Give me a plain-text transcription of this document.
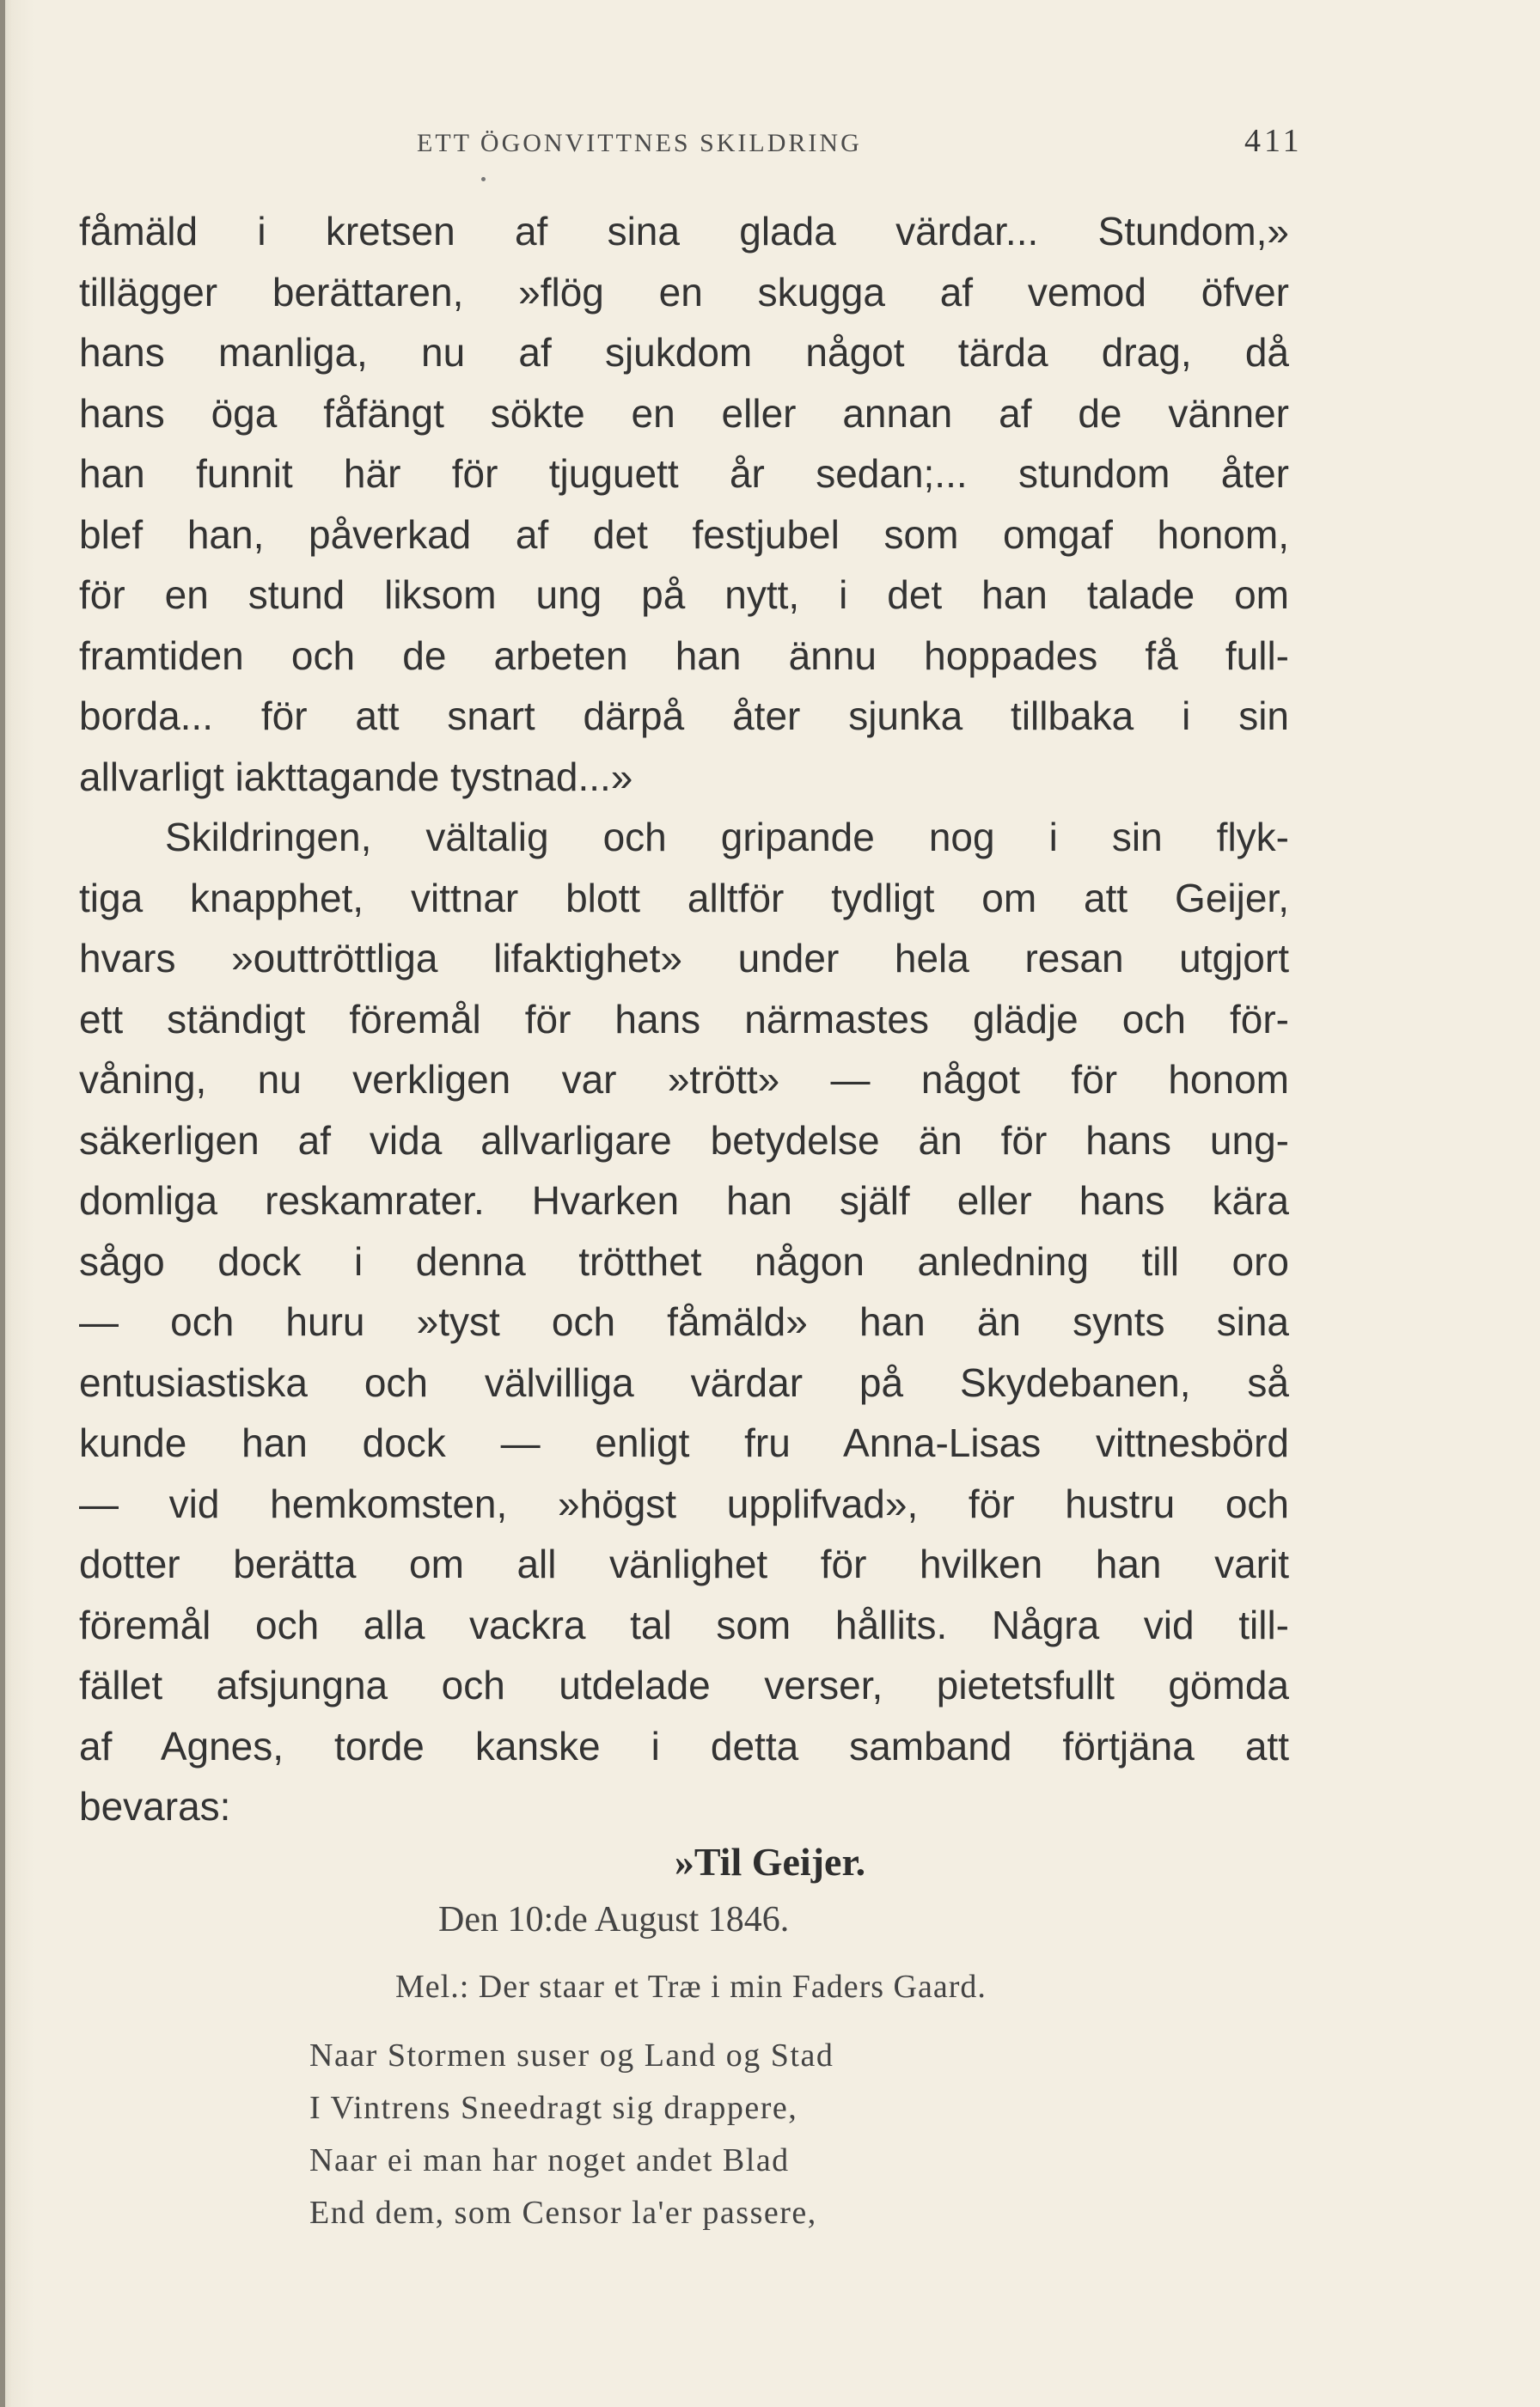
ETT ÖGONVITTNES SKILDRING	411
fåmäld i kretsen af sina glada värdar... Stundom,»
tillägger berättaren, »flög en skugga af vemod öfver
hans manliga, nu af sjukdom något tärda drag, då
hans öga fåfängt sökte en eller annan af de vänner
han funnit här för tjuguett år sedan;... stundom åter
blef han, påverkad af det festjubel som omgaf honom,
för en stund liksom ung på nytt, i det han talade om
framtiden och de arbeten han ännu hoppades få full-
borda... för att snart därpå åter sjunka tillbaka i sin
allvarligt iakttagande tystnad...»
Skildringen, vältalig och gripande nog i sin flyk-
tiga knapphet, vittnar blott alltför tydligt om att Geijer,
hvars »outtröttliga lifaktighet» under hela resan utgjort
ett ständigt föremål för hans närmastes glädje och för-
våning, nu verkligen var »trött» — något för honom
säkerligen af vida allvarligare betydelse än för hans ung-
domliga reskamrater. Hvarken han själf eller hans kära
sågo dock i denna trötthet någon anledning till oro
— och huru »tyst och fåmäld» han än synts sina
entusiastiska och välvilliga värdar på Skydebanen, så
kunde han dock — enligt fru Anna-Lisas vittnesbörd
— vid hemkomsten, »högst upplifvad», för hustru och
dotter berätta om all vänlighet för hvilken han varit
föremål och alla vackra tal som hållits. Några vid till-
fället afsjungna och utdelade verser, pietetsfullt gömda
af Agnes, torde kanske i detta samband förtjäna att
bevaras:
»Til Geijer.
Den 10:de August 1846.
Mel.: Der staar et Træ i min Faders Gaard.
Naar Stormen suser og Land og Stad
I Vintrens Sneedragt sig drappere,
Naar ei man har noget andet Blad
End dem, som Censor la'er passere,
